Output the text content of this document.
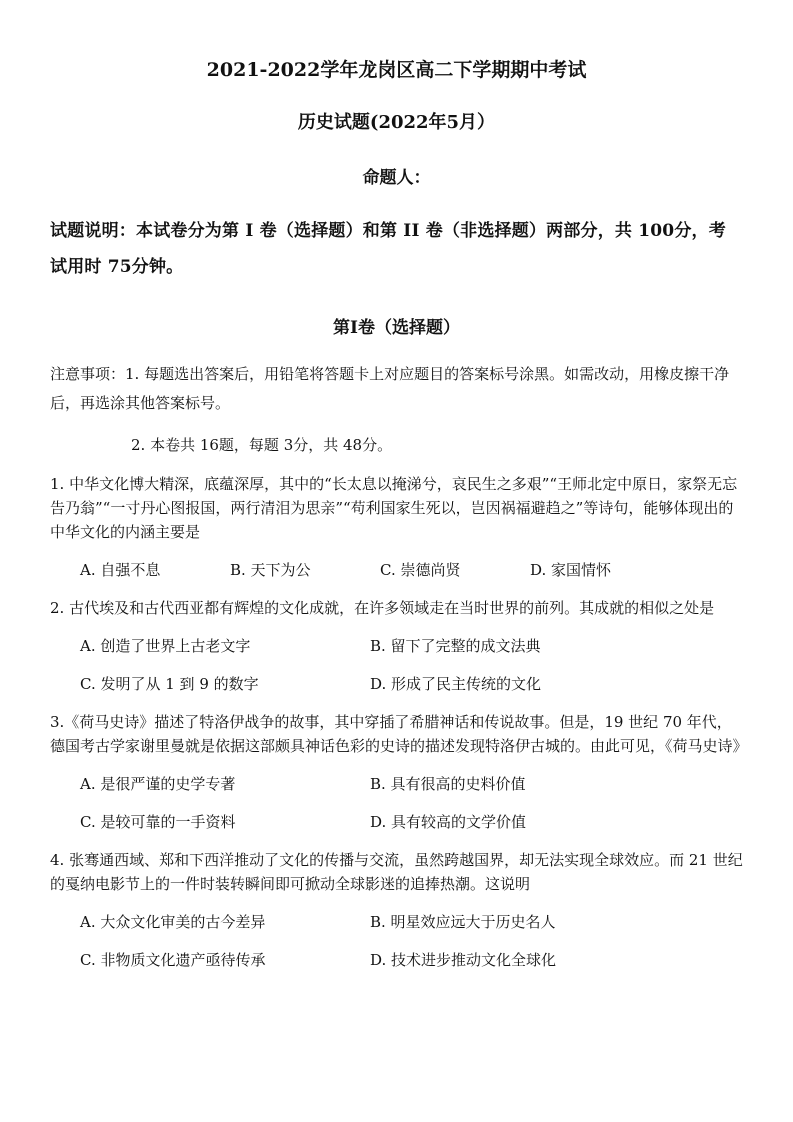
2021-2022学年龙岗区高二下学期期中考试
历史试题(2022年5月）
命题人：
试题说明：本试卷分为第 I 卷（选择题）和第 II 卷（非选择题）两部分，共 100分，考试用时 75分钟。
第I卷（选择题）
注意事项：1. 每题选出答案后，用铅笔将答题卡上对应题目的答案标号涂黑。如需改动，用橡皮擦干净后，再选涂其他答案标号。
2. 本卷共 16题，每题 3分，共 48分。
1. 中华文化博大精深，底蕴深厚，其中的“长太息以掩涕兮，哀民生之多艰”“王师北定中原日，家祭无忘告乃翁”“一寸丹心图报国，两行清泪为思亲”“苟利国家生死以，岂因祸福避趋之”等诗句，能够体现出的中华文化的内涵主要是
A. 自强不息	B. 天下为公	C. 崇德尚贤	D. 家国情怀
2. 古代埃及和古代西亚都有辉煌的文化成就，在许多领域走在当时世界的前列。其成就的相似之处是
A. 创造了世界上古老文字	B. 留下了完整的成文法典
C. 发明了从 1 到 9 的数字	D. 形成了民主传统的文化
3.《荷马史诗》描述了特洛伊战争的故事，其中穿插了希腊神话和传说故事。但是，19 世纪 70 年代，德国考古学家谢里曼就是依据这部颇具神话色彩的史诗的描述发现特洛伊古城的。由此可见，《荷马史诗》
A. 是很严谨的史学专著	B. 具有很高的史料价值
C. 是较可靠的一手资料	D. 具有较高的文学价值
4. 张骞通西域、郑和下西洋推动了文化的传播与交流，虽然跨越国界，却无法实现全球效应。而 21 世纪的戛纳电影节上的一件时装转瞬间即可掀动全球影迷的追捧热潮。这说明
A. 大众文化审美的古今差异	B. 明星效应远大于历史名人
C. 非物质文化遗产亟待传承	D. 技术进步推动文化全球化
